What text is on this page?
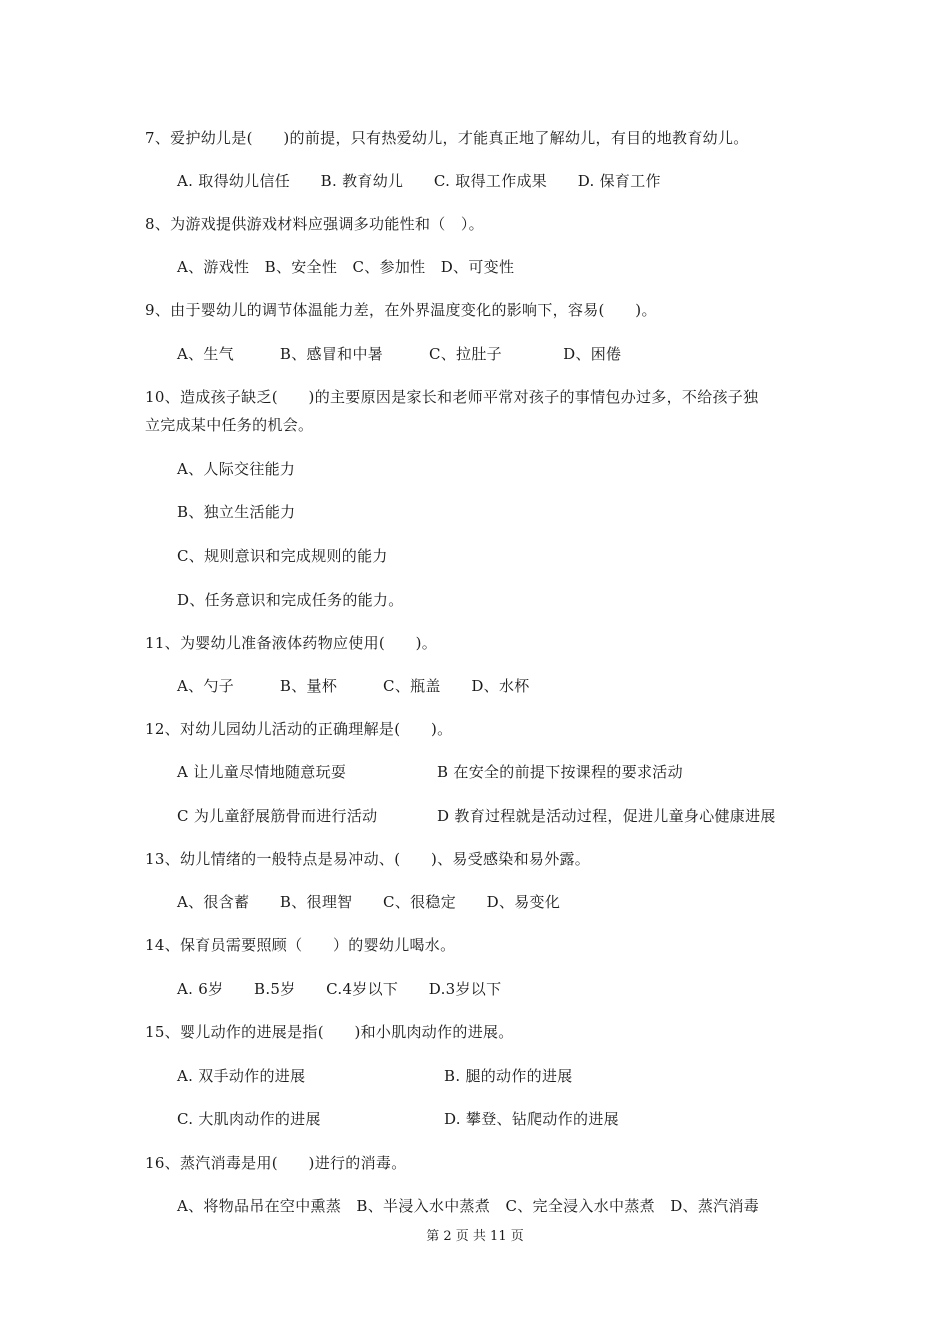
7、爱护幼儿是(　　)的前提，只有热爱幼儿，才能真正地了解幼儿，有目的地教育幼儿。
A. 取得幼儿信任　　B. 教育幼儿　　C. 取得工作成果　　D. 保育工作
8、为游戏提供游戏材料应强调多功能性和（　）。
A、游戏性　B、安全性　C、参加性　D、可变性
9、由于婴幼儿的调节体温能力差，在外界温度变化的影响下，容易(　　)。
A、生气　　　B、感冒和中暑　　　C、拉肚子　　　　D、困倦
10、造成孩子缺乏(　　)的主要原因是家长和老师平常对孩子的事情包办过多，不给孩子独
立完成某中任务的机会。
A、人际交往能力
B、独立生活能力
C、规则意识和完成规则的能力
D、任务意识和完成任务的能力。
11、为婴幼儿准备液体药物应使用(　　)。
A、勺子　　　B、量杯　　　C、瓶盖　　D、水杯
12、对幼儿园幼儿活动的正确理解是(　　)。
A 让儿童尽情地随意玩耍	B 在安全的前提下按课程的要求活动
C 为儿童舒展筋骨而进行活动	D 教育过程就是活动过程，促进儿童身心健康进展
13、幼儿情绪的一般特点是易冲动、(　　)、易受感染和易外露。
A、很含蓄　　B、很理智　　C、很稳定　　D、易变化
14、保育员需要照顾（　　）的婴幼儿喝水。
A. 6岁　　B.5岁　　C.4岁以下　　D.3岁以下
15、婴儿动作的进展是指(　　)和小肌肉动作的进展。
A. 双手动作的进展	B. 腿的动作的进展
C. 大肌肉动作的进展	D. 攀登、钻爬动作的进展
16、蒸汽消毒是用(　　)进行的消毒。
A、将物品吊在空中熏蒸　B、半浸入水中蒸煮　C、完全浸入水中蒸煮　D、蒸汽消毒
第 2 页 共 11 页
